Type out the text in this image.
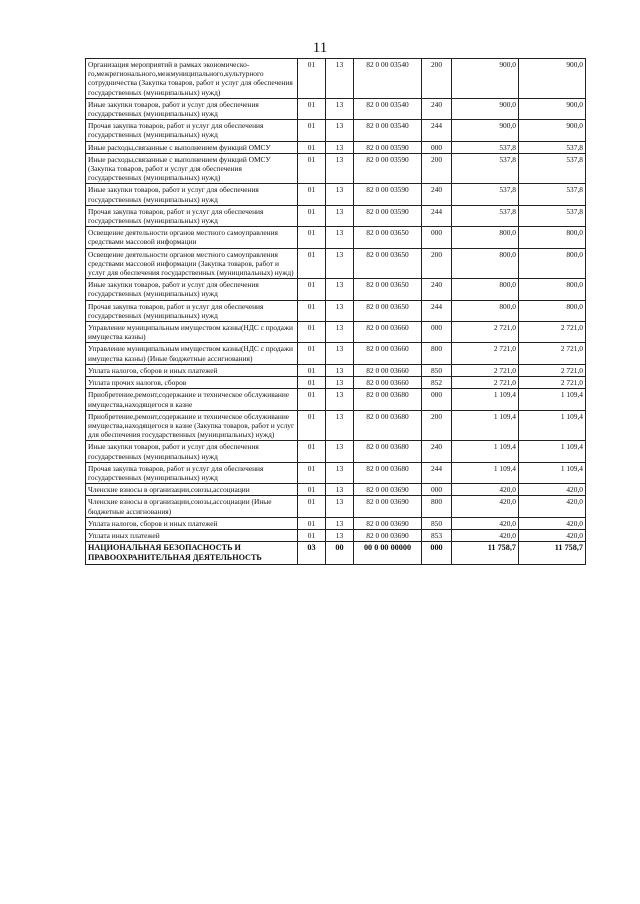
11
Организация мероприятий в рамках экономическо-го,межрегионального,межмуниципального,культурного сотрудничества (Закупка товаров, работ и услуг для обеспечения государственных (муниципальных) нужд)	01	13	82 0 00 03540	200	900,0	900,0
Иные закупки товаров, работ и услуг для обеспечения государственных (муниципальных) нужд	01	13	82 0 00 03540	240	900,0	900,0
Прочая закупка товаров, работ и услуг для обеспечения государственных (муниципальных) нужд	01	13	82 0 00 03540	244	900,0	900,0
Иные расходы,связанные с выполнением функций ОМСУ	01	13	82 0 00 03590	000	537,8	537,8
Иные расходы,связанные с выполнением функций ОМСУ (Закупка товаров, работ и услуг для обеспечения государственных (муниципальных) нужд)	01	13	82 0 00 03590	200	537,8	537,8
Иные закупки товаров, работ и услуг для обеспечения государственных (муниципальных) нужд	01	13	82 0 00 03590	240	537,8	537,8
Прочая закупка товаров, работ и услуг для обеспечения государственных (муниципальных) нужд	01	13	82 0 00 03590	244	537,8	537,8
Освещение деятельности органов местного самоуправления средствами массовой информации	01	13	82 0 00 03650	000	800,0	800,0
Освещение деятельности органов местного самоуправления средствами массовой информации (Закупка товаров, работ и услуг для обеспечения государственных (муниципальных) нужд)	01	13	82 0 00 03650	200	800,0	800,0
Иные закупки товаров, работ и услуг для обеспечения государственных (муниципальных) нужд	01	13	82 0 00 03650	240	800,0	800,0
Прочая закупка товаров, работ и услуг для обеспечения государственных (муниципальных) нужд	01	13	82 0 00 03650	244	800,0	800,0
Управление муниципальным имуществом казны(НДС с продажи имущества казны)	01	13	82 0 00 03660	000	2 721,0	2 721,0
Управление муниципальным имуществом казны(НДС с продажи имущества казны) (Иные бюджетные ассигнования)	01	13	82 0 00 03660	800	2 721,0	2 721,0
Уплата налогов, сборов и иных платежей	01	13	82 0 00 03660	850	2 721,0	2 721,0
Уплата прочих налогов, сборов	01	13	82 0 00 03660	852	2 721,0	2 721,0
Приобретение,ремонт,содержание и техническое обслуживание имущества,находящегося в казне	01	13	82 0 00 03680	000	1 109,4	1 109,4
Приобретение,ремонт,содержание и техническое обслуживание имущества,находящегося в казне (Закупка товаров, работ и услуг для обеспечения государственных (муниципальных) нужд)	01	13	82 0 00 03680	200	1 109,4	1 109,4
Иные закупки товаров, работ и услуг для обеспечения государственных (муниципальных) нужд	01	13	82 0 00 03680	240	1 109,4	1 109,4
Прочая закупка товаров, работ и услуг для обеспечения государственных (муниципальных) нужд	01	13	82 0 00 03680	244	1 109,4	1 109,4
Членские взносы в организации,союзы,ассоциации	01	13	82 0 00 03690	000	420,0	420,0
Членские взносы в организации,союзы,ассоциации (Иные бюджетные ассигнования)	01	13	82 0 00 03690	800	420,0	420,0
Уплата налогов, сборов и иных платежей	01	13	82 0 00 03690	850	420,0	420,0
Уплата иных платежей	01	13	82 0 00 03690	853	420,0	420,0
НАЦИОНАЛЬНАЯ БЕЗОПАСНОСТЬ И ПРАВООХРАНИТЕЛЬНАЯ ДЕЯТЕЛЬНОСТЬ	03	00	00 0 00 00000	000	11 758,7	11 758,7
